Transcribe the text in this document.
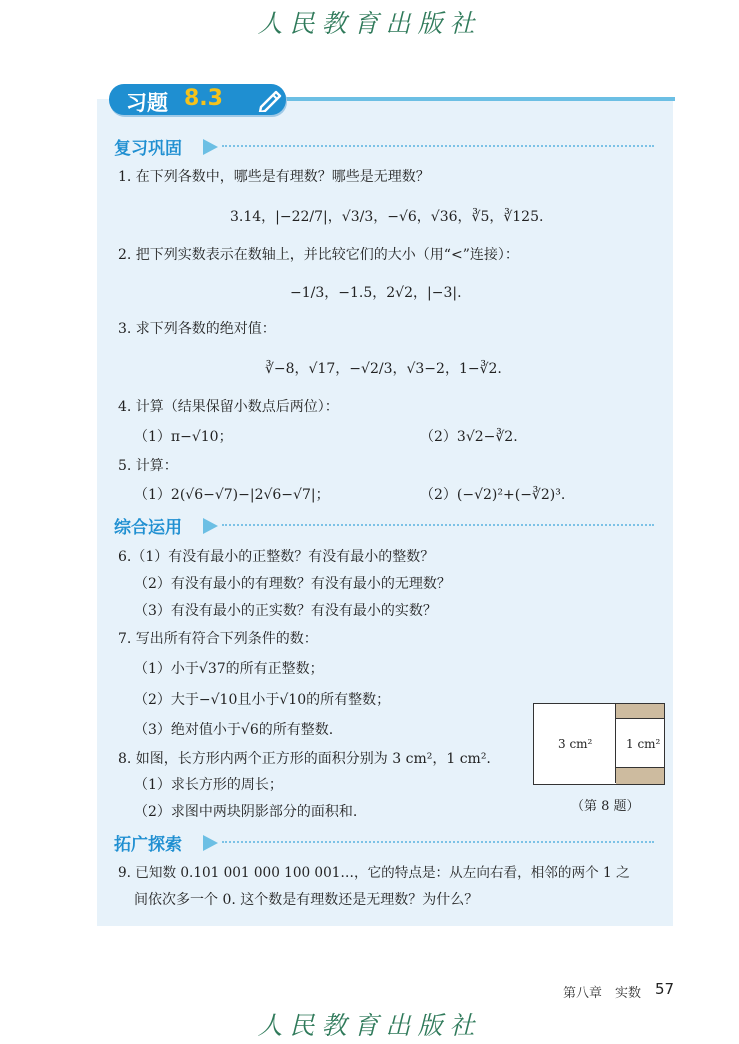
人民教育出版社
习题 8.3
复习巩固
1. 在下列各数中，哪些是有理数？哪些是无理数？
3.14，|−22/7|，√3/3，−√6，√36，∛5，∛125.
2. 把下列实数表示在数轴上，并比较它们的大小（用“<”连接）：
−1/3，−1.5，2√2，|−3|.
3. 求下列各数的绝对值：
∛−8，√17，−√2/3，√3−2，1−∛2.
4. 计算（结果保留小数点后两位）：
（1）π−√10；	（2）3√2−∛2.
5. 计算：
（1）2(√6−√7)−|2√6−√7|；	（2）(−√2)²+(−∛2)³.
综合运用
6.（1）有没有最小的正整数？有没有最小的整数？
（2）有没有最小的有理数？有没有最小的无理数？
（3）有没有最小的正实数？有没有最小的实数？
7. 写出所有符合下列条件的数：
（1）小于√37的所有正整数；
（2）大于−√10且小于√10的所有整数；
（3）绝对值小于√6的所有整数.
8. 如图，长方形内两个正方形的面积分别为 3 cm²，1 cm².
（1）求长方形的周长；
（2）求图中两块阴影部分的面积和.
3 cm²	1 cm²
（第 8 题）
拓广探索
9. 已知数 0.101 001 000 100 001…，它的特点是：从左向右看，相邻的两个 1 之
间依次多一个 0. 这个数是有理数还是无理数？为什么？
第八章　实数 57
人民教育出版社
